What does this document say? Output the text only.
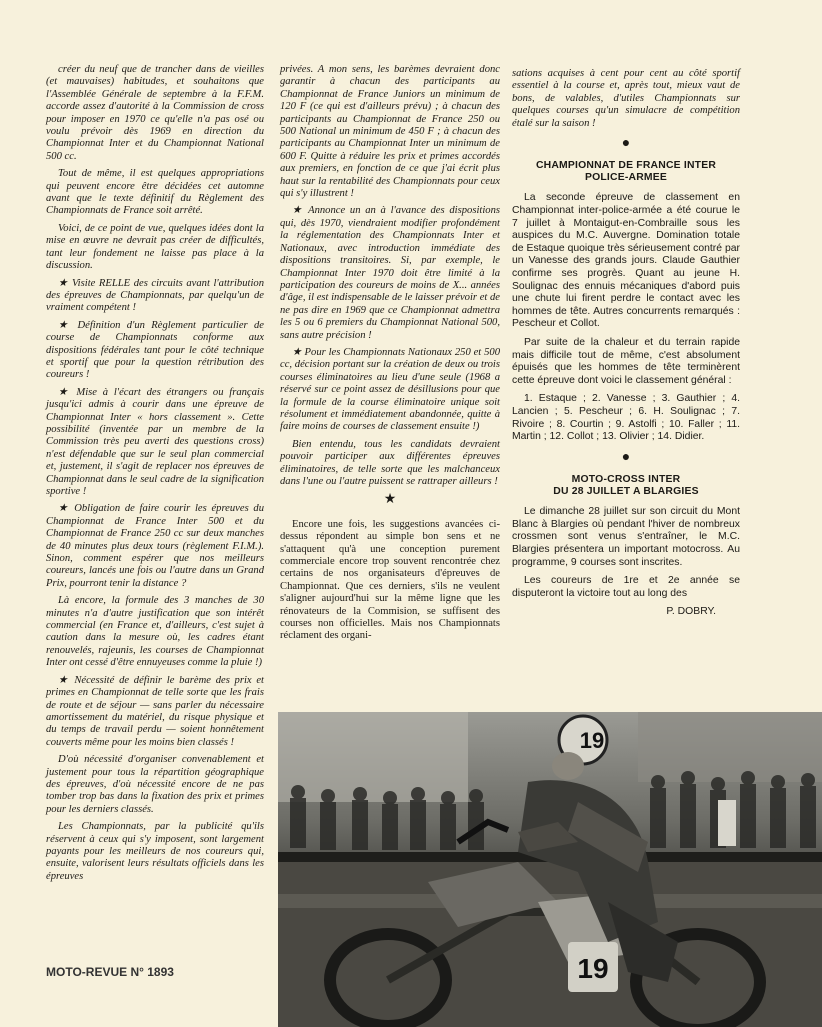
créer du neuf que de trancher dans de vieilles (et mauvaises) habitudes, et souhaitons que l'Assemblée Générale de septembre à la F.F.M. accorde assez d'autorité à la Commission de cross pour imposer en 1970 ce qu'elle n'a pas osé ou voulu prévoir dès 1969 en direction du Championnat Inter et du Championnat National 500 cc.

Tout de même, il est quelques appropriations qui peuvent encore être décidées cet automne avant que le texte définitif du Règlement des Championnats de France soit arrêté.

Voici, de ce point de vue, quelques idées dont la mise en œuvre ne devrait pas créer de difficultés, tant leur fondement ne laisse pas place à la discussion.

★ Visite RELLE des circuits avant l'attribution des épreuves de Championnats, par quelqu'un de vraiment compétent !

★ Définition d'un Règlement particulier de course de Championnats conforme aux dispositions fédérales tant pour le côté technique et sportif que pour la question rétribution des coureurs !

★ Mise à l'écart des étrangers ou français jusqu'ici admis à courir dans une épreuve de Championnat Inter « hors classement ». Cette possibilité (inventée par un membre de la Commission très peu averti des questions cross) n'est défendable que sur le seul plan commercial et, justement, il s'agit de replacer nos épreuves de Championnat dans le seul cadre de la signification sportive !

★ Obligation de faire courir les épreuves du Championnat de France Inter 500 et du Championnat de France 250 cc sur deux manches de 40 minutes plus deux tours (règlement F.I.M.). Sinon, comment espérer que nos meilleurs coureurs, lancés une fois ou l'autre dans un Grand Prix, pourront tenir la distance ?

Là encore, la formule des 3 manches de 30 minutes n'a d'autre justification que son intérêt commercial (en France et, d'ailleurs, c'est sujet à caution dans la mesure où, les cadres étant renouvelés, rajeunis, les courses de Championnat Inter ont cessé d'être ennuyeuses comme la pluie !)

★ Nécessité de définir le barème des prix et primes en Championnat de telle sorte que les frais de route et de séjour — sans parler du nécessaire amortissement du matériel, du risque physique et du temps de travail perdu — soient honnêtement couverts même pour les moins bien classés !

D'où nécessité d'organiser convenablement et justement pour tous la répartition géographique des épreuves, d'où nécessité encore de ne pas tomber trop bas dans la fixation des prix et primes pour les derniers classés.

Les Championnats, par la publicité qu'ils réservent à ceux qui s'y imposent, sont largement payants pour les meilleurs de nos coureurs qui, ensuite, valorisent leurs résultats officiels dans les épreuves

privées. A mon sens, les barèmes devraient donc garantir à chacun des participants au Championnat de France Juniors un minimum de 120 F (ce qui est d'ailleurs prévu) ; à chacun des participants au Championnat de France 250 ou 500 National un minimum de 450 F ; à chacun des participants au Championnat Inter un minimum de 600 F. Quitte à réduire les prix et primes accordés aux premiers, en fonction de ce que j'ai écrit plus haut sur la rentabilité des Championnats pour ceux qui s'y illustrent !

★ Annonce un an à l'avance des dispositions qui, dès 1970, viendraient modifier profondément la réglementation des Championnats Inter et Nationaux, avec introduction immédiate des dispositions transitoires. Si, par exemple, le Championnat Inter 1970 doit être limité à la participation des coureurs de moins de X... années d'âge, il est indispensable de le laisser prévoir et de ne pas dire en 1969 que ce Championnat admettra les 5 ou 6 premiers du Championnat National 500, sans autre précision !

★ Pour les Championnats Nationaux 250 et 500 cc, décision portant sur la création de deux ou trois courses éliminatoires au lieu d'une seule (1968 a réservé sur ce point assez de désillusions pour que la formule de la course éliminatoire unique soit résolument et immédiatement abandonnée, quitte à faire moins de courses de classement ensuite !)

Bien entendu, tous les candidats devraient pouvoir participer aux différentes épreuves éliminatoires, de telle sorte que les malchanceux dans l'une ou l'autre puissent se rattraper ailleurs !

★

Encore une fois, les suggestions avancées ci-dessus répondent au simple bon sens et ne s'attaquent qu'à une conception purement commerciale encore trop souvent rencontrée chez certains de nos organisateurs d'épreuves de Championnat. Que ces derniers, s'ils ne veulent s'aligner aujourd'hui sur la même ligne que les rénovateurs de la Commision, se suffisent des courses non officielles. Mais nos Championnats réclament des organi-

sations acquises à cent pour cent au côté sportif essentiel à la course et, après tout, mieux vaut de bons, de valables, d'utiles Championnats sur quelques courses qu'un simulacre de compétition étalé sur la saison !

●
CHAMPIONNAT DE FRANCE INTER
POLICE-ARMEE

La seconde épreuve de classement en Championnat inter-police-armée a été courue le 7 juillet à Montaigut-en-Combraille sous les auspices du M.C. Auvergne. Domination totale de Estaque quoique très sérieusement contré par un Vanesse des grands jours. Claude Gauthier confirme ses progrès. Quant au jeune H. Soulignac des ennuis mécaniques d'abord puis une chute lui firent perdre le contact avec les hommes de tête. Autres concurrents remarqués : Pescheur et Collot.

Par suite de la chaleur et du terrain rapide mais difficile tout de même, c'est absolument épuisés que les hommes de tête terminèrent cette épreuve dont voici le classement général :

1. Estaque ; 2. Vanesse ; 3. Gauthier ; 4. Lancien ; 5. Pescheur ; 6. H. Soulignac ; 7. Rivoire ; 8. Courtin ; 9. Astolfi ; 10. Faller ; 11. Martin ; 12. Collot ; 13. Olivier ; 14. Didier.

●
MOTO-CROSS INTER
DU 28 JUILLET A BLARGIES

Le dimanche 28 juillet sur son circuit du Mont Blanc à Blargies où pendant l'hiver de nombreux crossmen sont venus s'entraîner, le M.C. Blargies présentera un important motocross. Au programme, 9 courses sont inscrites.

Les coureurs de 1re et 2e année se disputeront la victoire tout au long des

P. DOBRY.
MOTO-REVUE N° 1893	19
19
